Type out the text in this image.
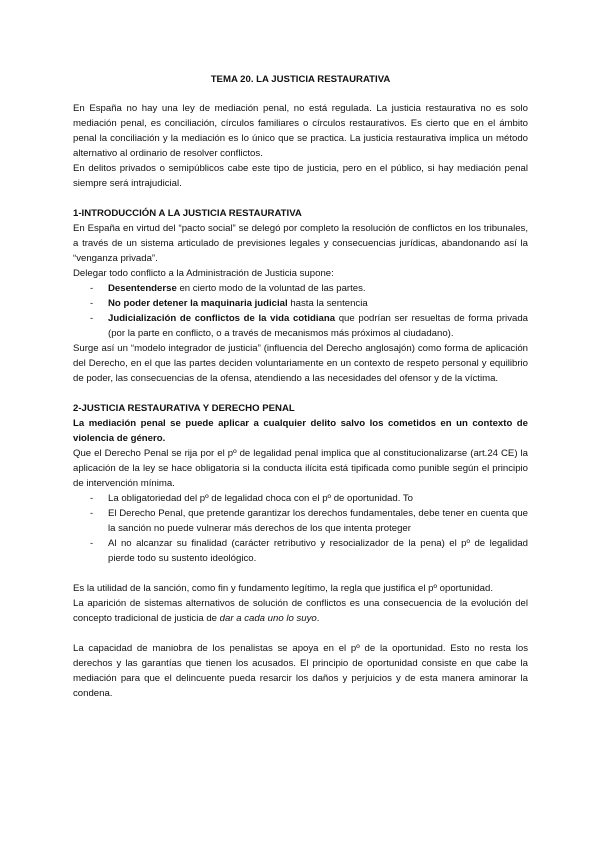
TEMA 20. LA JUSTICIA RESTAURATIVA

En España no hay una ley de mediación penal, no está regulada. La justicia restaurativa no es solo mediación penal, es conciliación, círculos familiares o círculos restaurativos. Es cierto que en el ámbito penal la conciliación y la mediación es lo único que se practica. La justicia restaurativa implica un método alternativo al ordinario de resolver conflictos.

En delitos privados o semipúblicos cabe este tipo de justicia, pero en el público, si hay mediación penal siempre será intrajudicial.

1-INTRODUCCIÓN A LA JUSTICIA RESTAURATIVA

En España en virtud del “pacto social” se delegó por completo la resolución de conflictos en los tribunales, a través de un sistema articulado de previsiones legales y consecuencias jurídicas, abandonando así la “venganza privada”.

Delegar todo conflicto a la Administración de Justicia supone:

- Desentenderse en cierto modo de la voluntad de las partes.
- No poder detener la maquinaria judicial hasta la sentencia
- Judicialización de conflictos de la vida cotidiana que podrían ser resueltas de forma privada (por la parte en conflicto, o a través de mecanismos más próximos al ciudadano).

Surge así un “modelo integrador de justicia” (influencia del Derecho anglosajón) como forma de aplicación del Derecho, en el que las partes deciden voluntariamente en un contexto de respeto personal y equilibrio de poder, las consecuencias de la ofensa, atendiendo a las necesidades del ofensor y de la víctima.

2-JUSTICIA RESTAURATIVA Y DERECHO PENAL

La mediación penal se puede aplicar a cualquier delito salvo los cometidos en un contexto de violencia de género.

Que el Derecho Penal se rija por el pº de legalidad penal implica que al constitucionalizarse (art.24 CE) la aplicación de la ley se hace obligatoria si la conducta ilícita está tipificada como punible según el principio de intervención mínima.

- La obligatoriedad del pº de legalidad choca con el pº de oportunidad. To
- El Derecho Penal, que pretende garantizar los derechos fundamentales, debe tener en cuenta que la sanción no puede vulnerar más derechos de los que intenta proteger
- Al no alcanzar su finalidad (carácter retributivo y resocializador de la pena) el pº de legalidad pierde todo su sustento ideológico.

Es la utilidad de la sanción, como fin y fundamento legítimo, la regla que justifica el pº oportunidad.

La aparición de sistemas alternativos de solución de conflictos es una consecuencia de la evolución del concepto tradicional de justicia de dar a cada uno lo suyo.

La capacidad de maniobra de los penalistas se apoya en el pº de la oportunidad. Esto no resta los derechos y las garantías que tienen los acusados. El principio de oportunidad consiste en que cabe la mediación para que el delincuente pueda resarcir los daños y perjuicios y de esta manera aminorar la condena.
